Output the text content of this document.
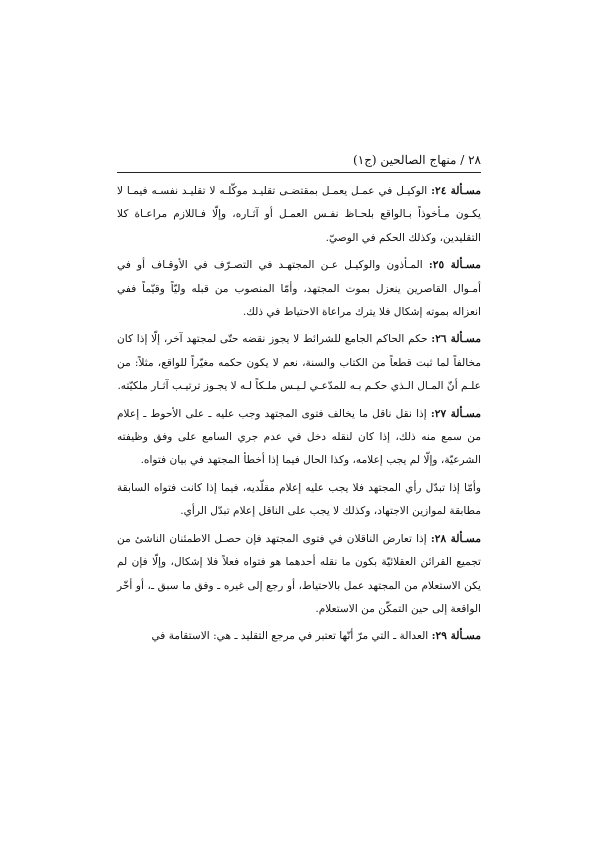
٢٨ / منهاج الصالحين (ج١)

مسـألة ٢٤: الوكيـل في عمـل يعمـل بمقتضـى تقليـد موكّلـه لا تقليـد نفسـه فيمـا لا يكـون مـأخوذاً بـالواقع بلحـاظ نفـس العمـل أو آثـاره، وإلّا فـاللازم مراعـاة كلا التقليدين، وكذلك الحكم في الوصيّ.

مسـألة ٢٥: المـأذون والوكيـل عـن المجتهـد في التصـرّف في الأوقـاف أو في أمـوال القاصرين ينعزل بموت المجتهد، وأمّا المنصوب من قبله وليّاً وقيّماً ففي انعزاله بموته إشكال فلا يترك مراعاة الاحتياط في ذلك.

مسـألة ٢٦: حكم الحاكم الجامع للشرائط لا يجوز نقضه حتّى لمجتهد آخر، إلّا إذا كان مخالفاً لما ثبت قطعاً من الكتاب والسنة، نعم لا يكون حكمه مغيّراً للواقع، مثلاً: من علـم أنّ المـال الـذي حكـم بـه للمدّعـي لـيـس ملـكاً لـه لا يجـوز ترتيـب آثـار ملكيّته.

مسـألة ٢٧: إذا نقل ناقل ما يخالف فتوى المجتهد وجب عليه ـ على الأحوط ـ إعلام من سمع منه ذلك، إذا كان لنقله دخل في عدم جري السامع على وفق وظيفته الشرعيّة، وإلّا لم يجب إعلامه، وكذا الحال فيما إذا أخطأ المجتهد في بيان فتواه.

وأمّا إذا تبدّل رأي المجتهد فلا يجب عليه إعلام مقلّديه، فيما إذا كانت فتواه السابقة مطابقة لموازين الاجتهاد، وكذلك لا يجب على الناقل إعلام تبدّل الرأي.

مسـألة ٢٨: إذا تعارض الناقلان في فتوى المجتهد فإن حصـل الاطمئنان الناشئ من تجميع القرائن العقلائيّة بكون ما نقله أحدهما هو فتواه فعلاً فلا إشكال، وإلّا فإن لم يكن الاستعلام من المجتهد عمل بالاحتياط، أو رجع إلى غيره ـ وفق ما سبق ـ، أو أخّر الواقعة إلى حين التمكّن من الاستعلام.

مسـألة ٢٩: العدالة ـ التي مرّ أنّها تعتبر في مرجع التقليد ـ هي: الاستقامة في
